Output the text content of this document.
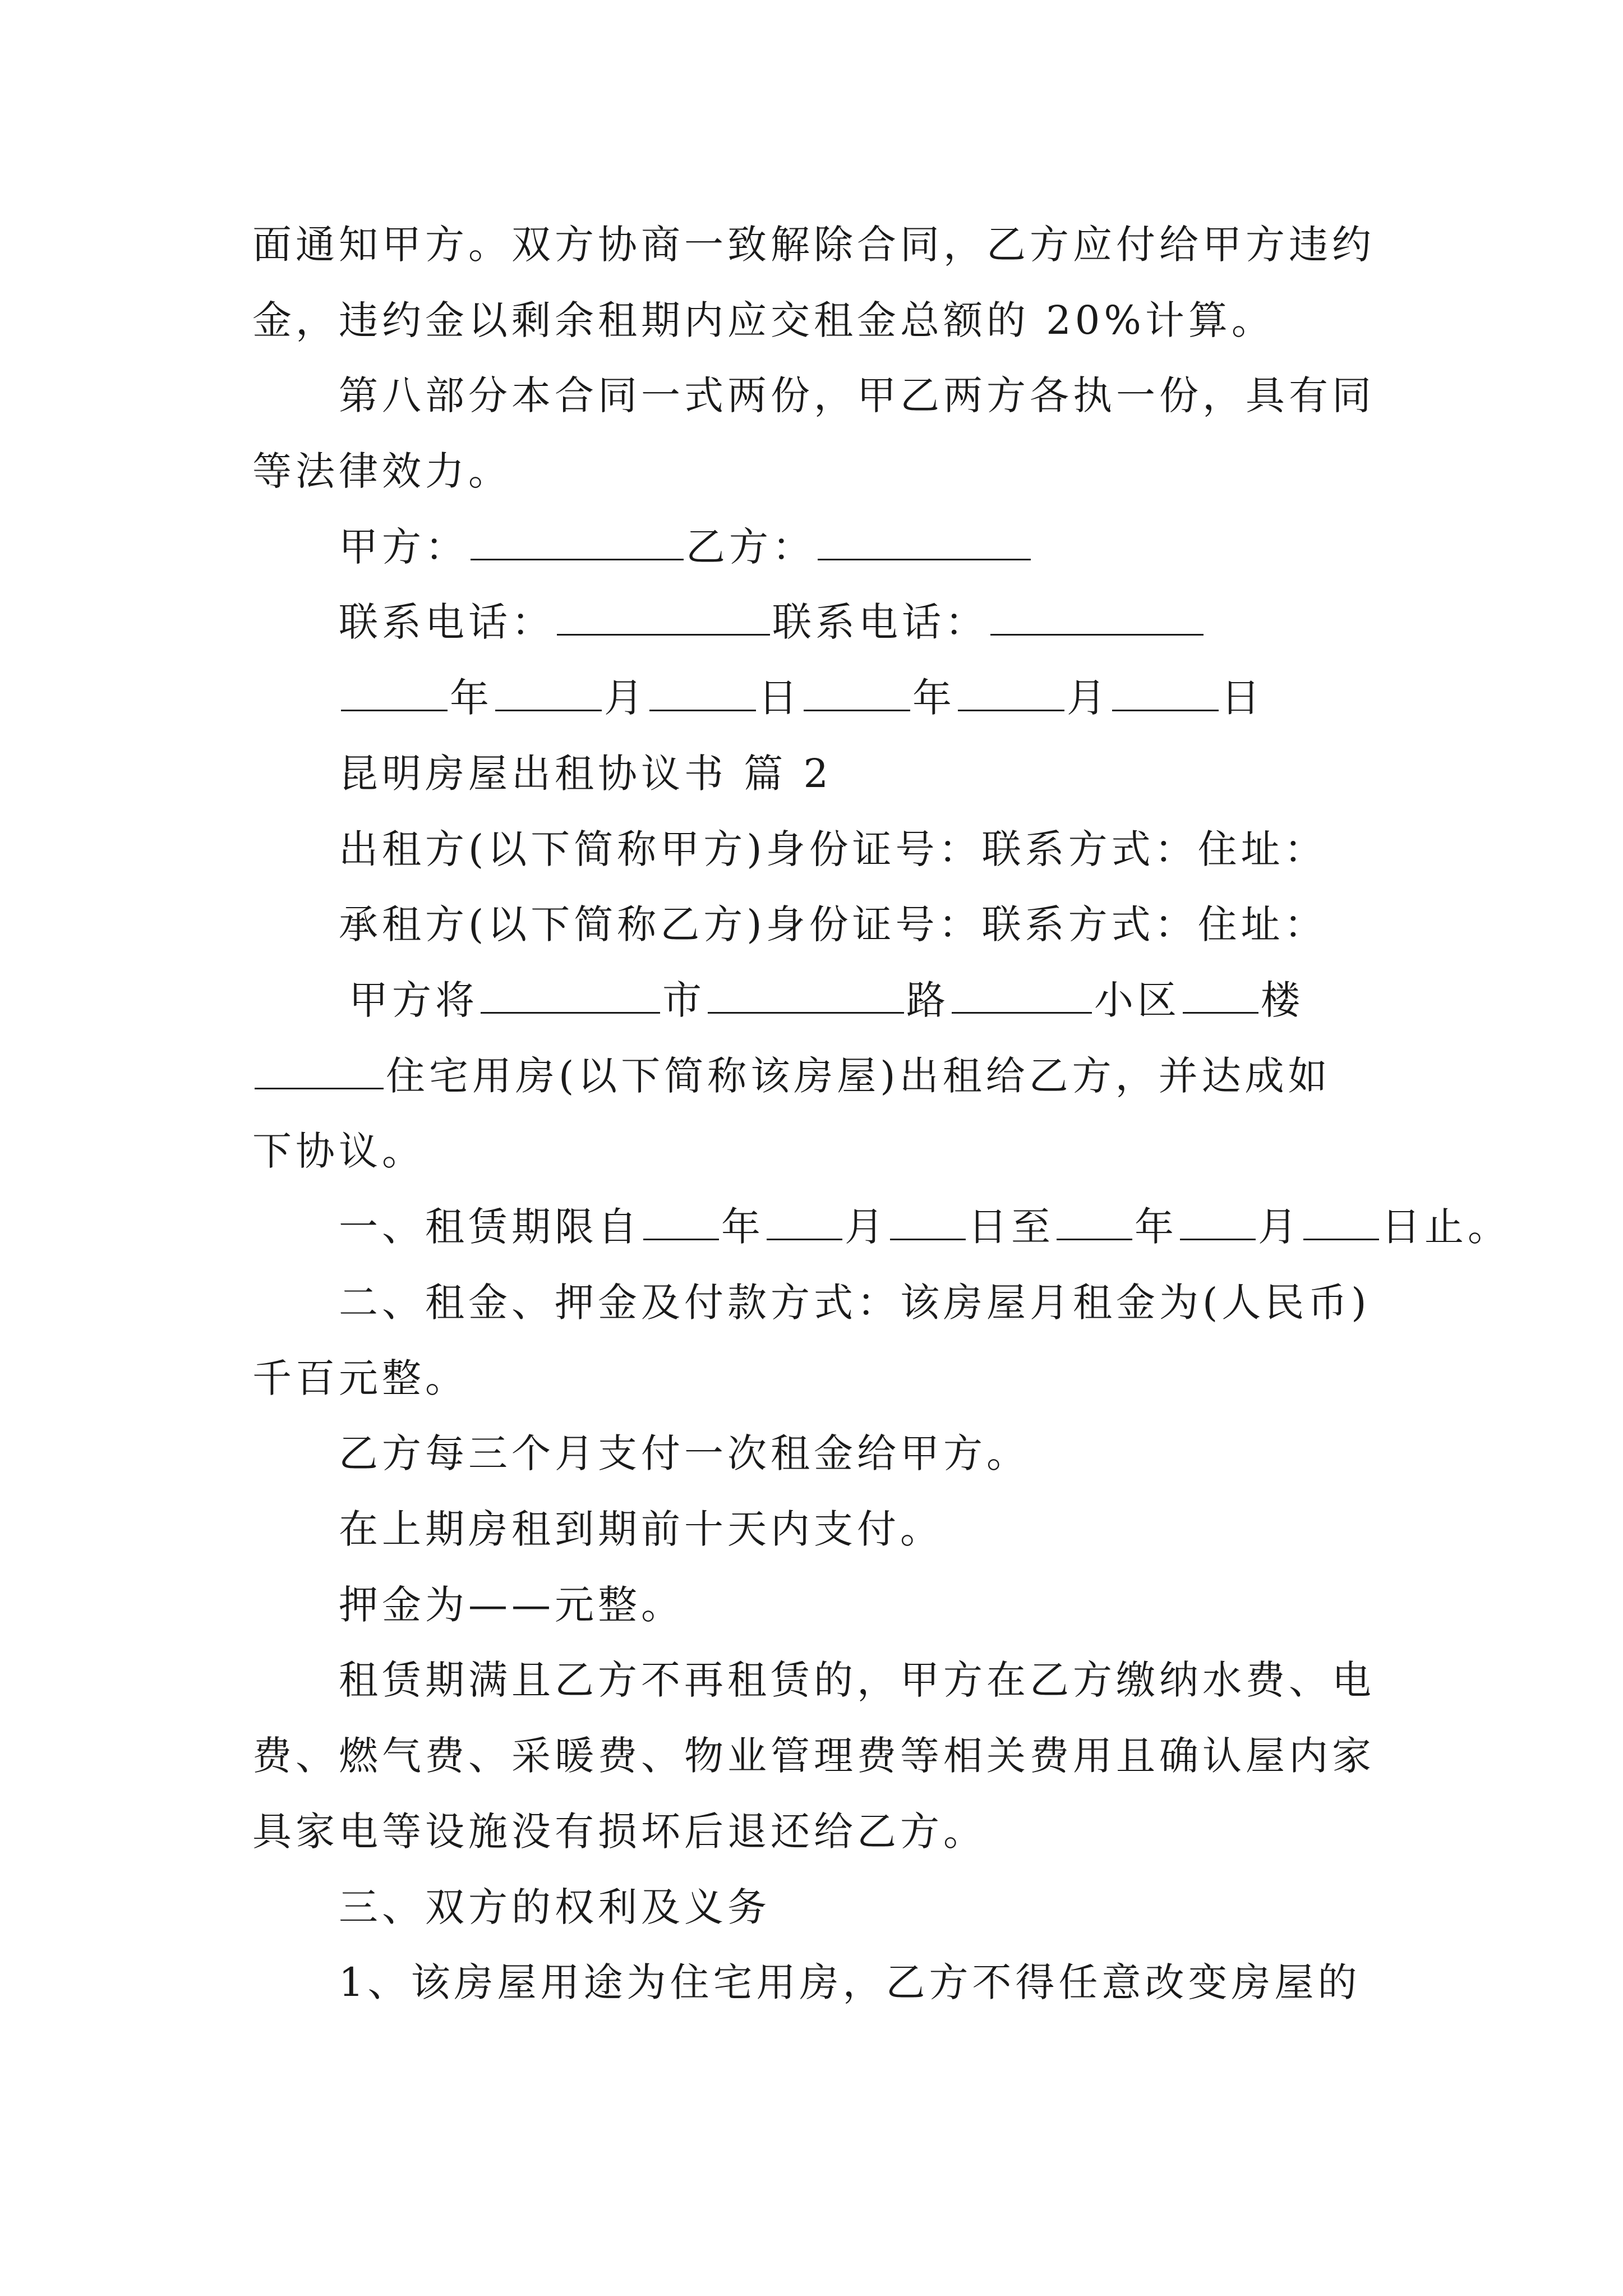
面通知甲方。双方协商一致解除合同，乙方应付给甲方违约
金，违约金以剩余租期内应交租金总额的 20%计算。
第八部分本合同一式两份，甲乙两方各执一份，具有同
等法律效力。
甲方：	乙方：
联系电话：	联系电话：
年	月	日	年	月	日
昆明房屋出租协议书 篇 2
出租方(以下简称甲方)身份证号：联系方式：住址：
承租方(以下简称乙方)身份证号：联系方式：住址：
甲方将	市	路	小区 楼
住宅用房(以下简称该房屋)出租给乙方，并达成如
下协议。
一、租赁期限自 年 月 日至 年 月 日止。
二、租金、押金及付款方式：该房屋月租金为(人民币)
千百元整。
乙方每三个月支付一次租金给甲方。
在上期房租到期前十天内支付。
押金为——元整。
租赁期满且乙方不再租赁的，甲方在乙方缴纳水费、电
费、燃气费、采暖费、物业管理费等相关费用且确认屋内家
具家电等设施没有损坏后退还给乙方。
三、双方的权利及义务
1、该房屋用途为住宅用房，乙方不得任意改变房屋的
